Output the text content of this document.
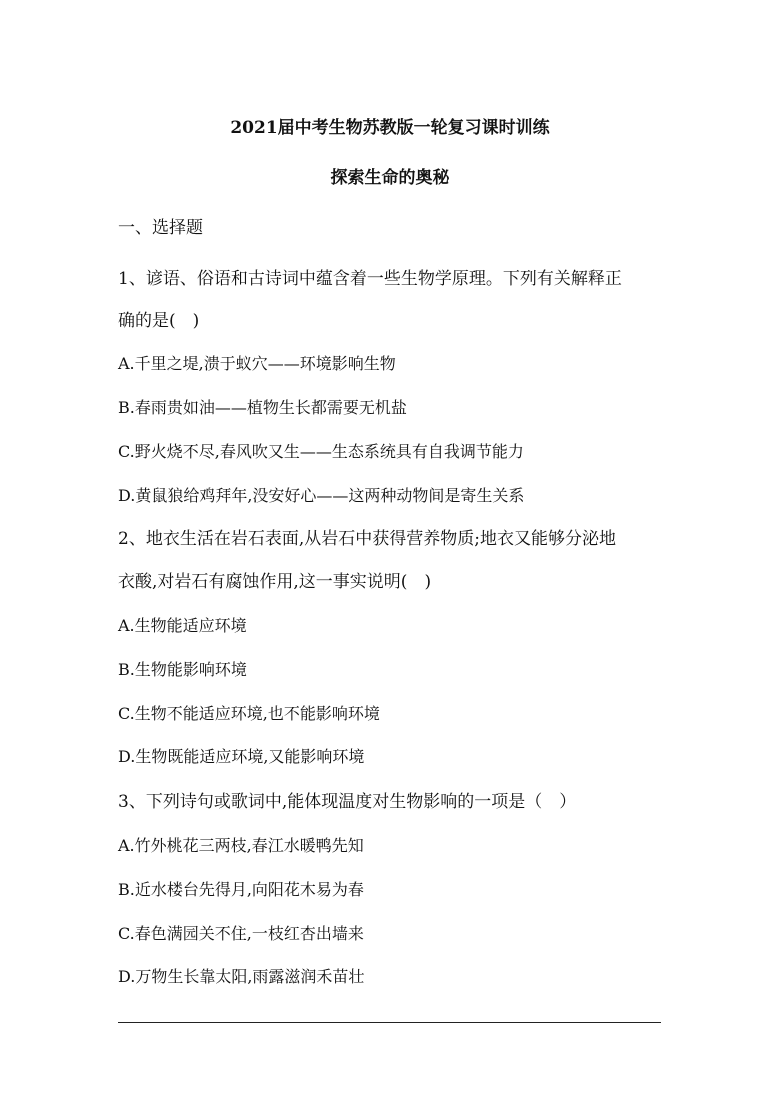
2021届中考生物苏教版一轮复习课时训练
探索生命的奥秘
一、选择题
1、谚语、俗语和古诗词中蕴含着一些生物学原理。下列有关解释正
确的是(　)
A.千里之堤,溃于蚁穴——环境影响生物
B.春雨贵如油——植物生长都需要无机盐
C.野火烧不尽,春风吹又生——生态系统具有自我调节能力
D.黄鼠狼给鸡拜年,没安好心——这两种动物间是寄生关系
2、地衣生活在岩石表面,从岩石中获得营养物质;地衣又能够分泌地
衣酸,对岩石有腐蚀作用,这一事实说明(　)
A.生物能适应环境
B.生物能影响环境
C.生物不能适应环境,也不能影响环境
D.生物既能适应环境,又能影响环境
3、下列诗句或歌词中,能体现温度对生物影响的一项是（　）
A.竹外桃花三两枝,春江水暖鸭先知
B.近水楼台先得月,向阳花木易为春
C.春色满园关不住,一枝红杏出墙来
D.万物生长靠太阳,雨露滋润禾苗壮
